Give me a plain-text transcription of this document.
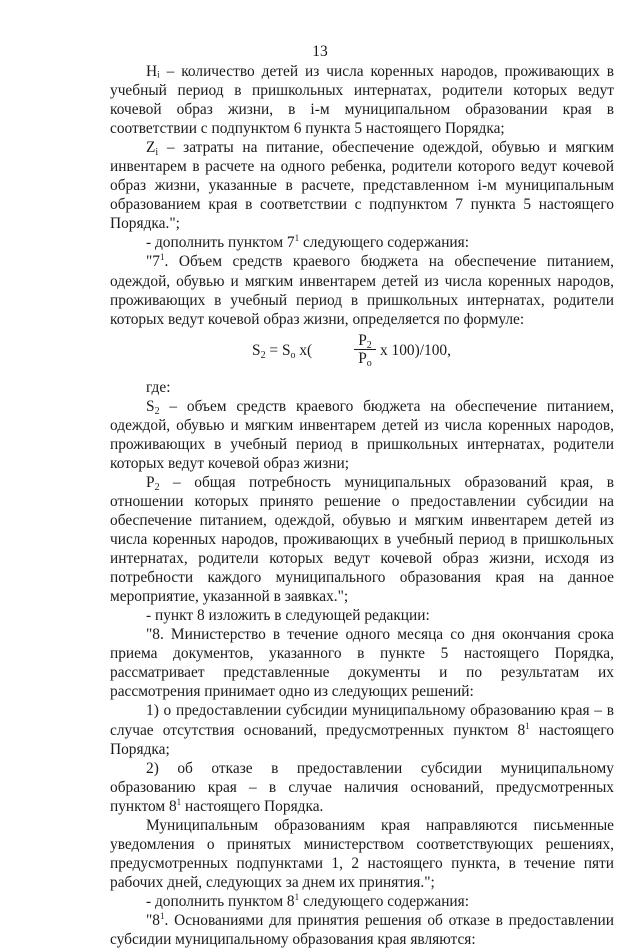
13

Нᵢ – количество детей из числа коренных народов, проживающих в учебный период в пришкольных интернатах, родители которых ведут кочевой образ жизни, в i-м муниципальном образовании края в соответствии с подпунктом 6 пункта 5 настоящего Порядка;

$Z_i$ – затраты на питание, обеспечение одеждой, обувью и мягким инвентарем в расчете на одного ребенка, родители которого ведут кочевой образ жизни, указанные в расчете, представленном i-м муниципальным образованием края в соответствии с подпунктом 7 пункта 5 настоящего Порядка.";

- дополнить пунктом $7^1$ следующего содержания:

"$7^1$. Объем средств краевого бюджета на обеспечение питанием, одеждой, обувью и мягким инвентарем детей из числа коренных народов, проживающих в учебный период в пришкольных интернатах, родители которых ведут кочевой образ жизни, определяется по формуле:

$S_2 = S_o$ x(
$Р_2$
$Р_o$
x 100)/100,

где:

$S_2$ – объем средств краевого бюджета на обеспечение питанием, одеждой, обувью и мягким инвентарем детей из числа коренных народов, проживающих в учебный период в пришкольных интернатах, родители которых ведут кочевой образ жизни;

$Р_2$ – общая потребность муниципальных образований края, в отношении которых принято решение о предоставлении субсидии на обеспечение питанием, одеждой, обувью и мягким инвентарем детей из числа коренных народов, проживающих в учебный период в пришкольных интернатах, родители которых ведут кочевой образ жизни, исходя из потребности каждого муниципального образования края на данное мероприятие, указанной в заявках.";

- пункт 8 изложить в следующей редакции:

"8. Министерство в течение одного месяца со дня окончания срока приема документов, указанного в пункте 5 настоящего Порядка, рассматривает представленные документы и по результатам их рассмотрения принимает одно из следующих решений:

1) о предоставлении субсидии муниципальному образованию края – в случае отсутствия оснований, предусмотренных пунктом $8^1$ настоящего Порядка;

2) об отказе в предоставлении субсидии муниципальному образованию края – в случае наличия оснований, предусмотренных пунктом $8^1$ настоящего Порядка.

Муниципальным образованиям края направляются письменные уведомления о принятых министерством соответствующих решениях, предусмотренных подпунктами 1, 2 настоящего пункта, в течение пяти рабочих дней, следующих за днем их принятия.";

- дополнить пунктом $8^1$ следующего содержания:

"$8^1$. Основаниями для принятия решения об отказе в предоставлении субсидии муниципальному образования края являются:
